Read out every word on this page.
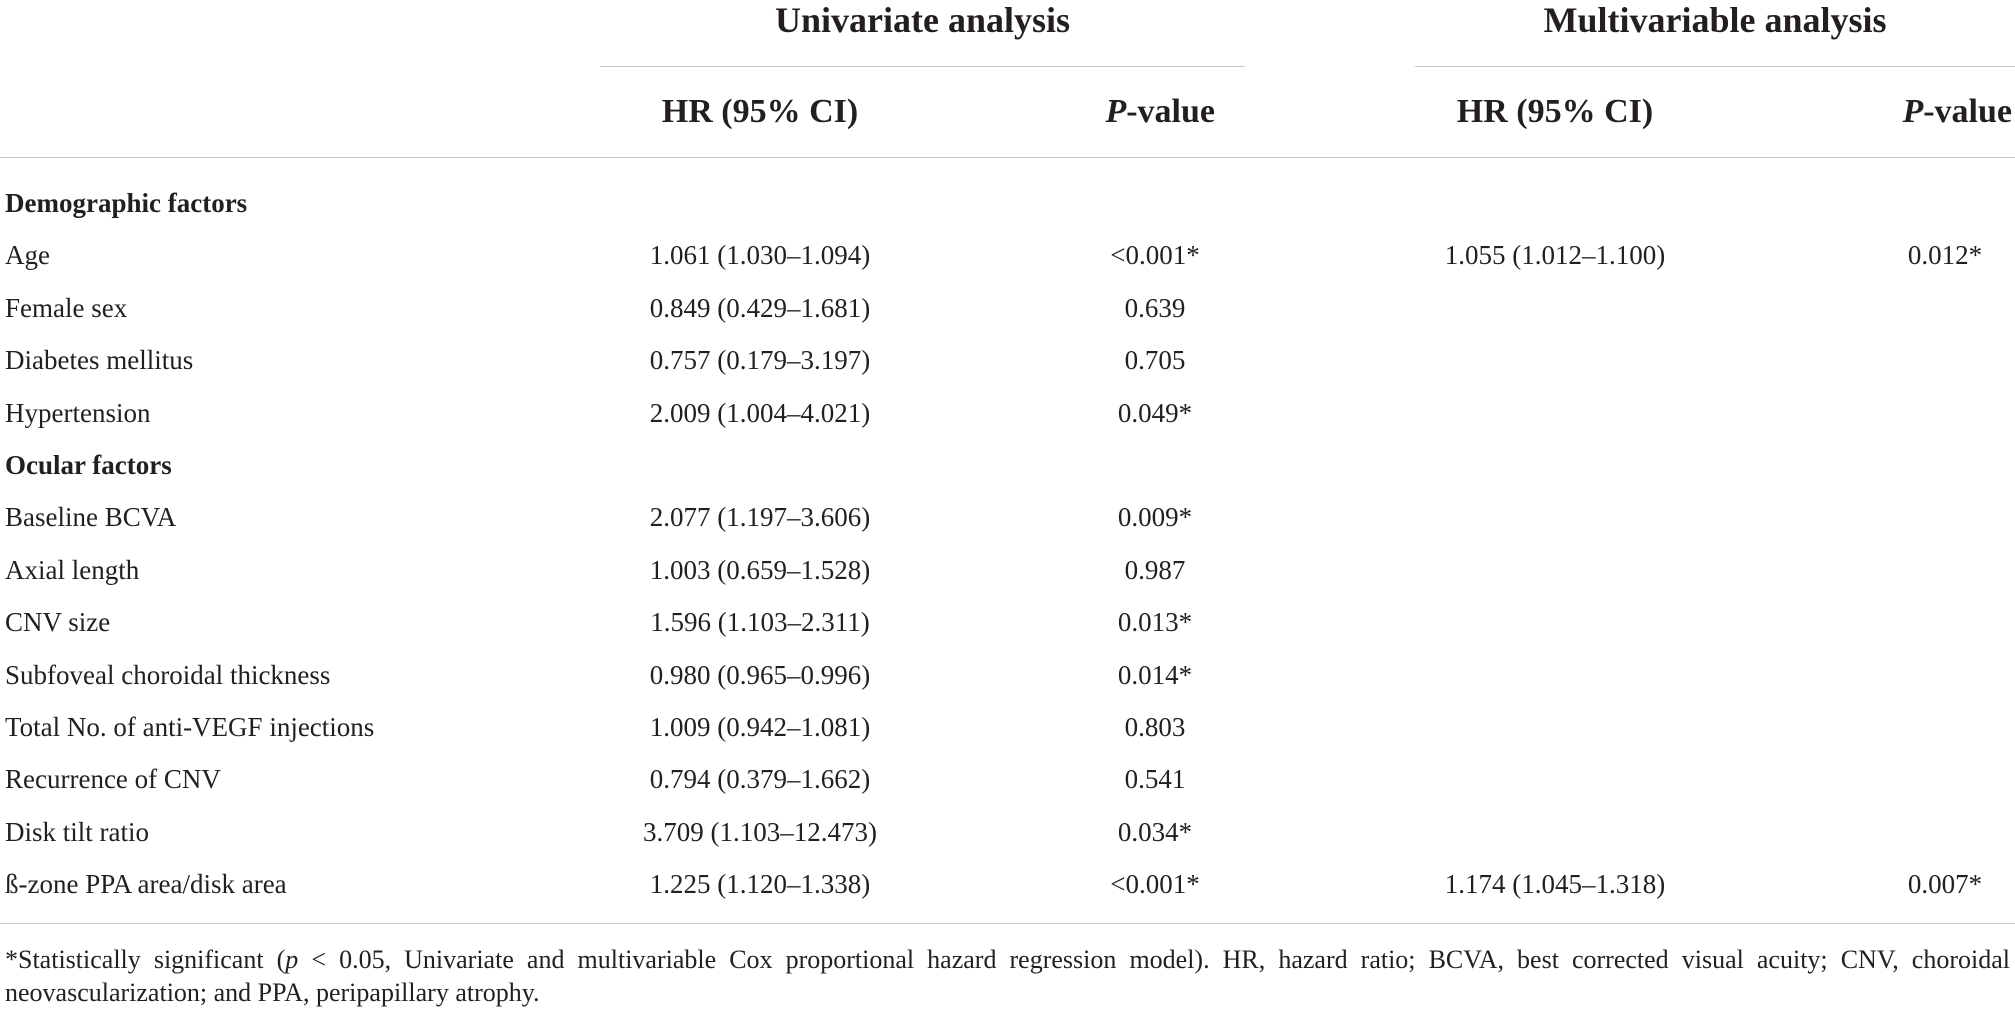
Univariate analysis	Multivariable analysis
HR (95% CI)	P-value	HR (95% CI)	P-value
Demographic factors
Age	1.061 (1.030–1.094)	<0.001*	1.055 (1.012–1.100)	0.012*
Female sex	0.849 (0.429–1.681)	0.639
Diabetes mellitus	0.757 (0.179–3.197)	0.705
Hypertension	2.009 (1.004–4.021)	0.049*
Ocular factors
Baseline BCVA	2.077 (1.197–3.606)	0.009*
Axial length	1.003 (0.659–1.528)	0.987
CNV size	1.596 (1.103–2.311)	0.013*
Subfoveal choroidal thickness	0.980 (0.965–0.996)	0.014*
Total No. of anti-VEGF injections	1.009 (0.942–1.081)	0.803
Recurrence of CNV	0.794 (0.379–1.662)	0.541
Disk tilt ratio	3.709 (1.103–12.473)	0.034*
ß-zone PPA area/disk area	1.225 (1.120–1.338)	<0.001*	1.174 (1.045–1.318)	0.007*
*Statistically significant (p < 0.05, Univariate and multivariable Cox proportional hazard regression model). HR, hazard ratio; BCVA, best corrected visual acuity; CNV, choroidal neovascularization; and PPA, peripapillary atrophy.
